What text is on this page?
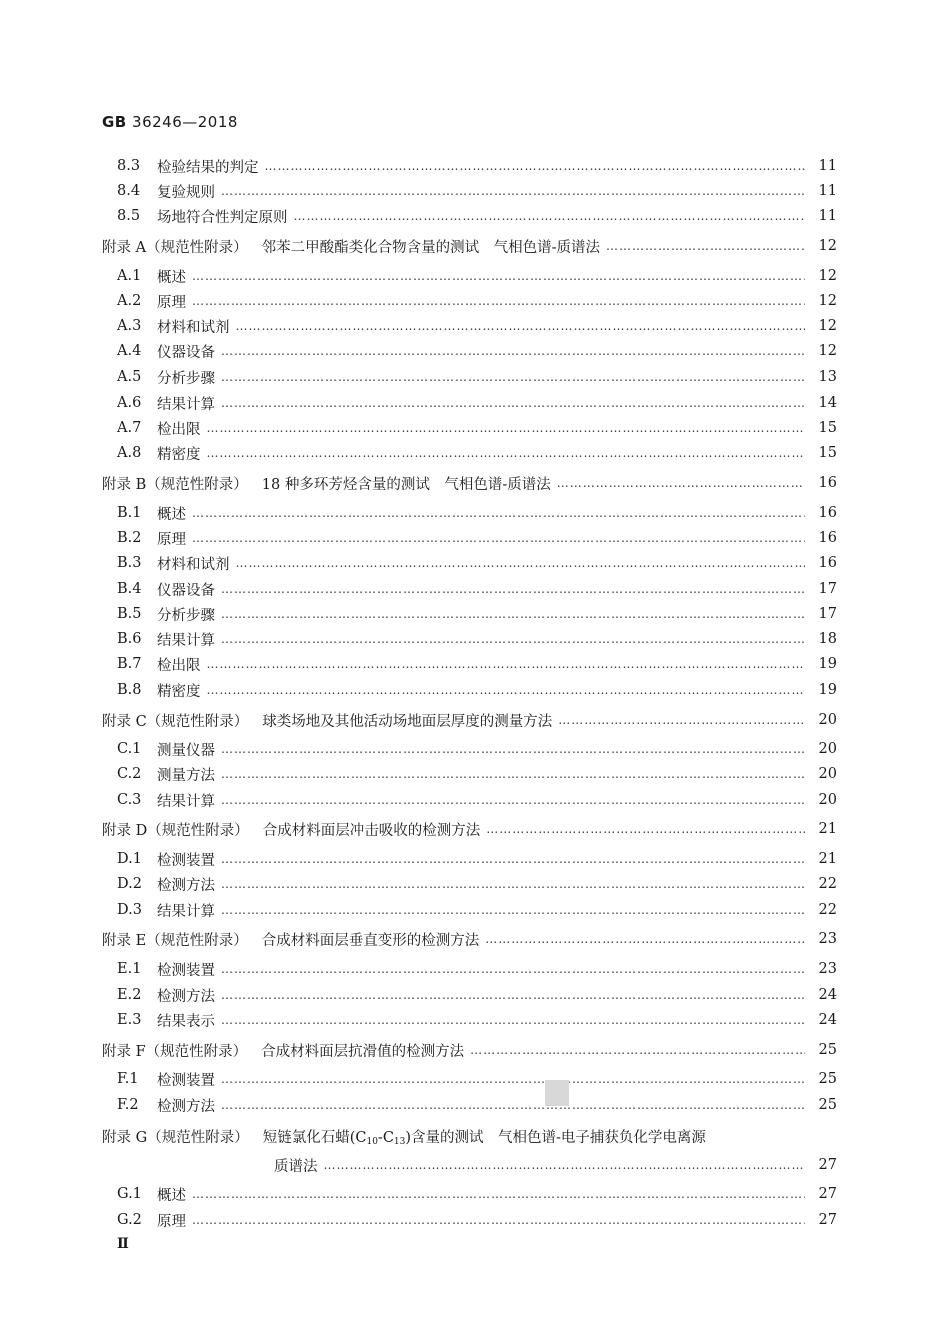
GB 36246—2018
8.3	检验结果的判定 ……………………………………………………………………………………………………………………………………………………………………………………………………………………	11
8.4	复验规则 ……………………………………………………………………………………………………………………………………………………………………………………………………………………	11
8.5	场地符合性判定原则 ……………………………………………………………………………………………………………………………………………………………………………………………………………………	11
附录 A（规范性附录） 邻苯二甲酸酯类化合物含量的测试　气相色谱-质谱法 ……………………………………………………………………………………………………………………………………………………………………………………………………………………	12
A.1	概述 ……………………………………………………………………………………………………………………………………………………………………………………………………………………	12
A.2	原理 ……………………………………………………………………………………………………………………………………………………………………………………………………………………	12
A.3	材料和试剂 ……………………………………………………………………………………………………………………………………………………………………………………………………………………	12
A.4	仪器设备 ……………………………………………………………………………………………………………………………………………………………………………………………………………………	12
A.5	分析步骤 ……………………………………………………………………………………………………………………………………………………………………………………………………………………	13
A.6	结果计算 ……………………………………………………………………………………………………………………………………………………………………………………………………………………	14
A.7	检出限 ……………………………………………………………………………………………………………………………………………………………………………………………………………………	15
A.8	精密度 ……………………………………………………………………………………………………………………………………………………………………………………………………………………	15
附录 B（规范性附录） 18 种多环芳烃含量的测试　气相色谱-质谱法 ……………………………………………………………………………………………………………………………………………………………………………………………………………………	16
B.1	概述 ……………………………………………………………………………………………………………………………………………………………………………………………………………………	16
B.2	原理 ……………………………………………………………………………………………………………………………………………………………………………………………………………………	16
B.3	材料和试剂 ……………………………………………………………………………………………………………………………………………………………………………………………………………………	16
B.4	仪器设备 ……………………………………………………………………………………………………………………………………………………………………………………………………………………	17
B.5	分析步骤 ……………………………………………………………………………………………………………………………………………………………………………………………………………………	17
B.6	结果计算 ……………………………………………………………………………………………………………………………………………………………………………………………………………………	18
B.7	检出限 ……………………………………………………………………………………………………………………………………………………………………………………………………………………	19
B.8	精密度 ……………………………………………………………………………………………………………………………………………………………………………………………………………………	19
附录 C（规范性附录） 球类场地及其他活动场地面层厚度的测量方法 ……………………………………………………………………………………………………………………………………………………………………………………………………………………	20
C.1	测量仪器 ……………………………………………………………………………………………………………………………………………………………………………………………………………………	20
C.2	测量方法 ……………………………………………………………………………………………………………………………………………………………………………………………………………………	20
C.3	结果计算 ……………………………………………………………………………………………………………………………………………………………………………………………………………………	20
附录 D（规范性附录） 合成材料面层冲击吸收的检测方法 ……………………………………………………………………………………………………………………………………………………………………………………………………………………	21
D.1	检测装置 ……………………………………………………………………………………………………………………………………………………………………………………………………………………	21
D.2	检测方法 ……………………………………………………………………………………………………………………………………………………………………………………………………………………	22
D.3	结果计算 ……………………………………………………………………………………………………………………………………………………………………………………………………………………	22
附录 E（规范性附录） 合成材料面层垂直变形的检测方法 ……………………………………………………………………………………………………………………………………………………………………………………………………………………	23
E.1	检测装置 ……………………………………………………………………………………………………………………………………………………………………………………………………………………	23
E.2	检测方法 ……………………………………………………………………………………………………………………………………………………………………………………………………………………	24
E.3	结果表示 ……………………………………………………………………………………………………………………………………………………………………………………………………………………	24
附录 F（规范性附录） 合成材料面层抗滑值的检测方法 ……………………………………………………………………………………………………………………………………………………………………………………………………………………	25
F.1	检测装置 ……………………………………………………………………………………………………………………………………………………………………………………………………………………	25
F.2	检测方法 ……………………………………………………………………………………………………………………………………………………………………………………………………………………	25
附录 G（规范性附录） 短链氯化石蜡$(C_{10}-C_{13})$含量的测试　气相色谱-电子捕获负化学电离源
质谱法 ……………………………………………………………………………………………………………………………………………………………………………………………………………………	27
G.1	概述 ……………………………………………………………………………………………………………………………………………………………………………………………………………………	27
G.2	原理 ……………………………………………………………………………………………………………………………………………………………………………………………………………………	27
Ⅱ
